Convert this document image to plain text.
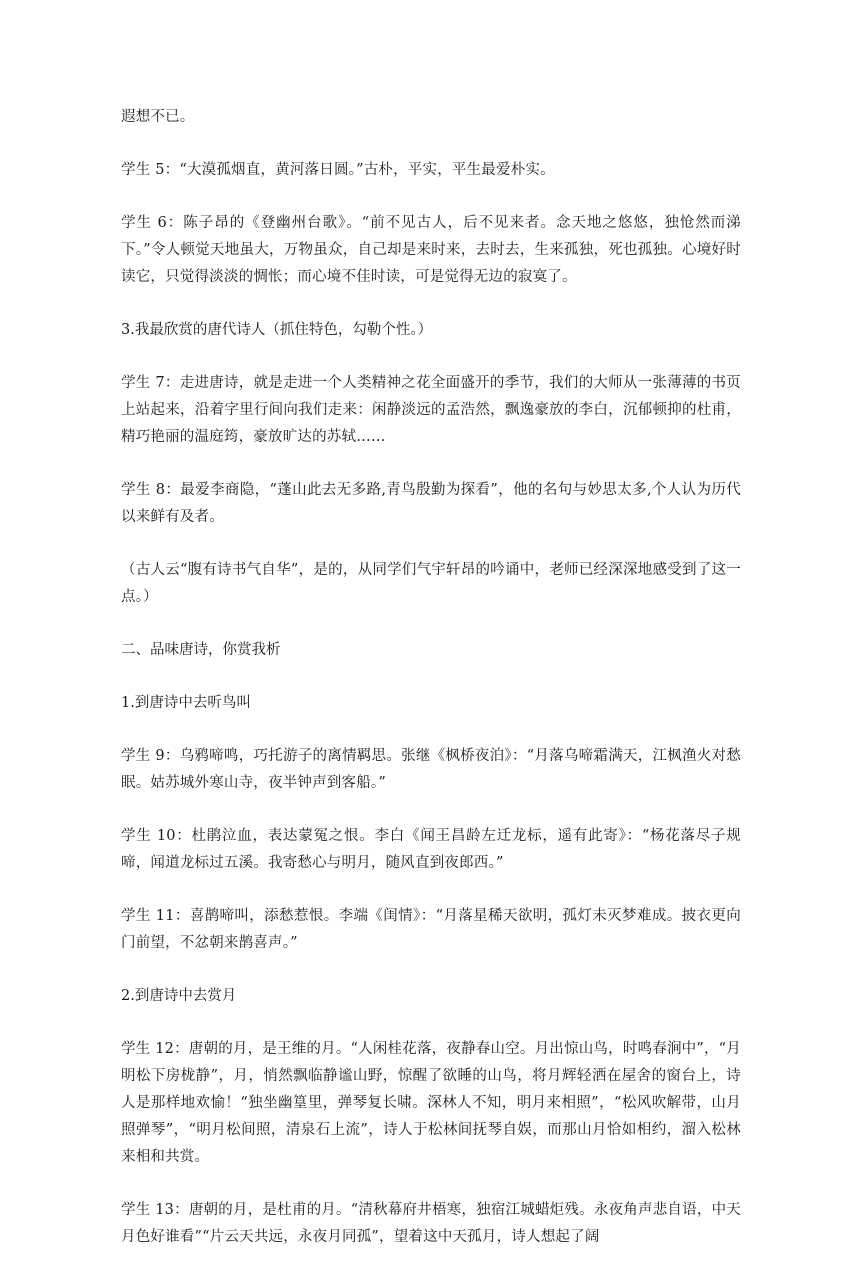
遐想不已。

学生 5：“大漠孤烟直，黄河落日圆。”古朴，平实，平生最爱朴实。

学生 6：陈子昂的《登幽州台歌》。“前不见古人，后不见来者。念天地之悠悠，独怆然而涕下。”令人顿觉天地虽大，万物虽众，自己却是来时来，去时去，生来孤独，死也孤独。心境好时读它，只觉得淡淡的惆怅；而心境不佳时读，可是觉得无边的寂寞了。

3.我最欣赏的唐代诗人（抓住特色，勾勒个性。）

学生 7：走进唐诗，就是走进一个人类精神之花全面盛开的季节，我们的大师从一张薄薄的书页上站起来，沿着字里行间向我们走来：闲静淡远的孟浩然，飘逸豪放的李白，沉郁顿抑的杜甫，精巧艳丽的温庭筠，豪放旷达的苏轼……

学生 8：最爱李商隐，“蓬山此去无多路,青鸟殷勤为探看”，他的名句与妙思太多,个人认为历代以来鲜有及者。

（古人云“腹有诗书气自华”，是的，从同学们气宇轩昂的吟诵中，老师已经深深地感受到了这一点。）

二、品味唐诗，你赏我析

1.到唐诗中去听鸟叫

学生 9：乌鸦啼鸣，巧托游子的离情羁思。张继《枫桥夜泊》：“月落乌啼霜满天，江枫渔火对愁眠。姑苏城外寒山寺，夜半钟声到客船。”

学生 10：杜鹃泣血，表达蒙冤之恨。李白《闻王昌龄左迁龙标，遥有此寄》：“杨花落尽子规啼，闻道龙标过五溪。我寄愁心与明月，随风直到夜郎西。”

学生 11：喜鹊啼叫，添愁惹恨。李端《闺情》：“月落星稀天欲明，孤灯未灭梦难成。披衣更向门前望，不忿朝来鹊喜声。”

2.到唐诗中去赏月

学生 12：唐朝的月，是王维的月。“人闲桂花落，夜静春山空。月出惊山鸟，时鸣春涧中”，“月明松下房栊静”，月，悄然飘临静谧山野，惊醒了欲睡的山鸟，将月辉轻洒在屋舍的窗台上，诗人是那样地欢愉！“独坐幽篁里，弹琴复长啸。深林人不知，明月来相照”，“松风吹解带，山月照弹琴”，“明月松间照，清泉石上流”，诗人于松林间抚琴自娱，而那山月恰如相约，溜入松林来相和共赏。

学生 13：唐朝的月，是杜甫的月。“清秋幕府井梧寒，独宿江城蜡炬残。永夜角声悲自语，中天月色好谁看”“片云天共远，永夜月同孤”，望着这中天孤月，诗人想起了阔
